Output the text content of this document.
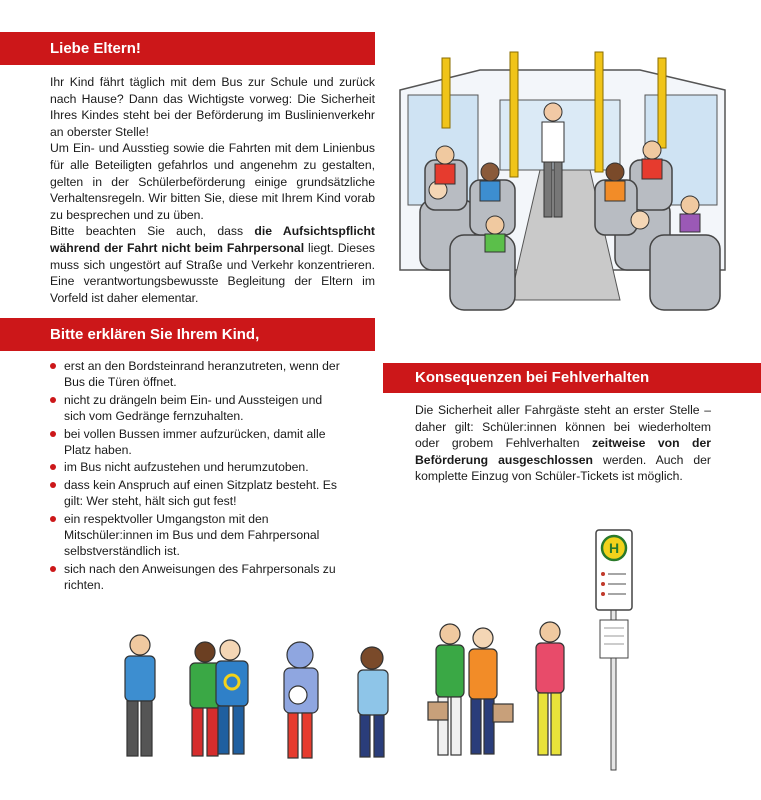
Liebe Eltern!
Ihr Kind fährt täglich mit dem Bus zur Schule und zurück nach Hause? Dann das Wichtigste vorweg: Die Sicherheit Ihres Kindes steht bei der Beförderung im Buslinienverkehr an oberster Stelle!
Um Ein- und Ausstieg sowie die Fahrten mit dem Linienbus für alle Beteiligten gefahrlos und angenehm zu gestalten, gelten in der Schülerbeförderung einige grundsätzliche Verhaltensregeln. Wir bitten Sie, diese mit Ihrem Kind vorab zu besprechen und zu üben.
Bitte beachten Sie auch, dass die Aufsichtspflicht während der Fahrt nicht beim Fahrpersonal liegt. Dieses muss sich ungestört auf Straße und Verkehr konzentrieren. Eine verantwortungsbewusste Begleitung der Eltern im Vorfeld ist daher elementar.
Bitte erklären Sie Ihrem Kind,
erst an den Bordsteinrand heranzutreten, wenn der Bus die Türen öffnet.
nicht zu drängeln beim Ein- und Aussteigen und sich vom Gedränge fernzuhalten.
bei vollen Bussen immer aufzurücken, damit alle Platz haben.
im Bus nicht aufzustehen und herumzutoben.
dass kein Anspruch auf einen Sitzplatz besteht. Es gilt: Wer steht, hält sich gut fest!
ein respektvoller Umgangston mit den Mitschüler:innen im Bus und dem Fahrpersonal selbstverständlich ist.
sich nach den Anweisungen des Fahrpersonals zu richten.
Konsequenzen bei Fehlverhalten
Die Sicherheit aller Fahrgäste steht an erster Stelle – daher gilt: Schüler:innen können bei wiederholtem oder grobem Fehlverhalten zeitweise von der Beförderung ausgeschlossen werden. Auch der komplette Einzug von Schüler-Tickets ist möglich.
H
